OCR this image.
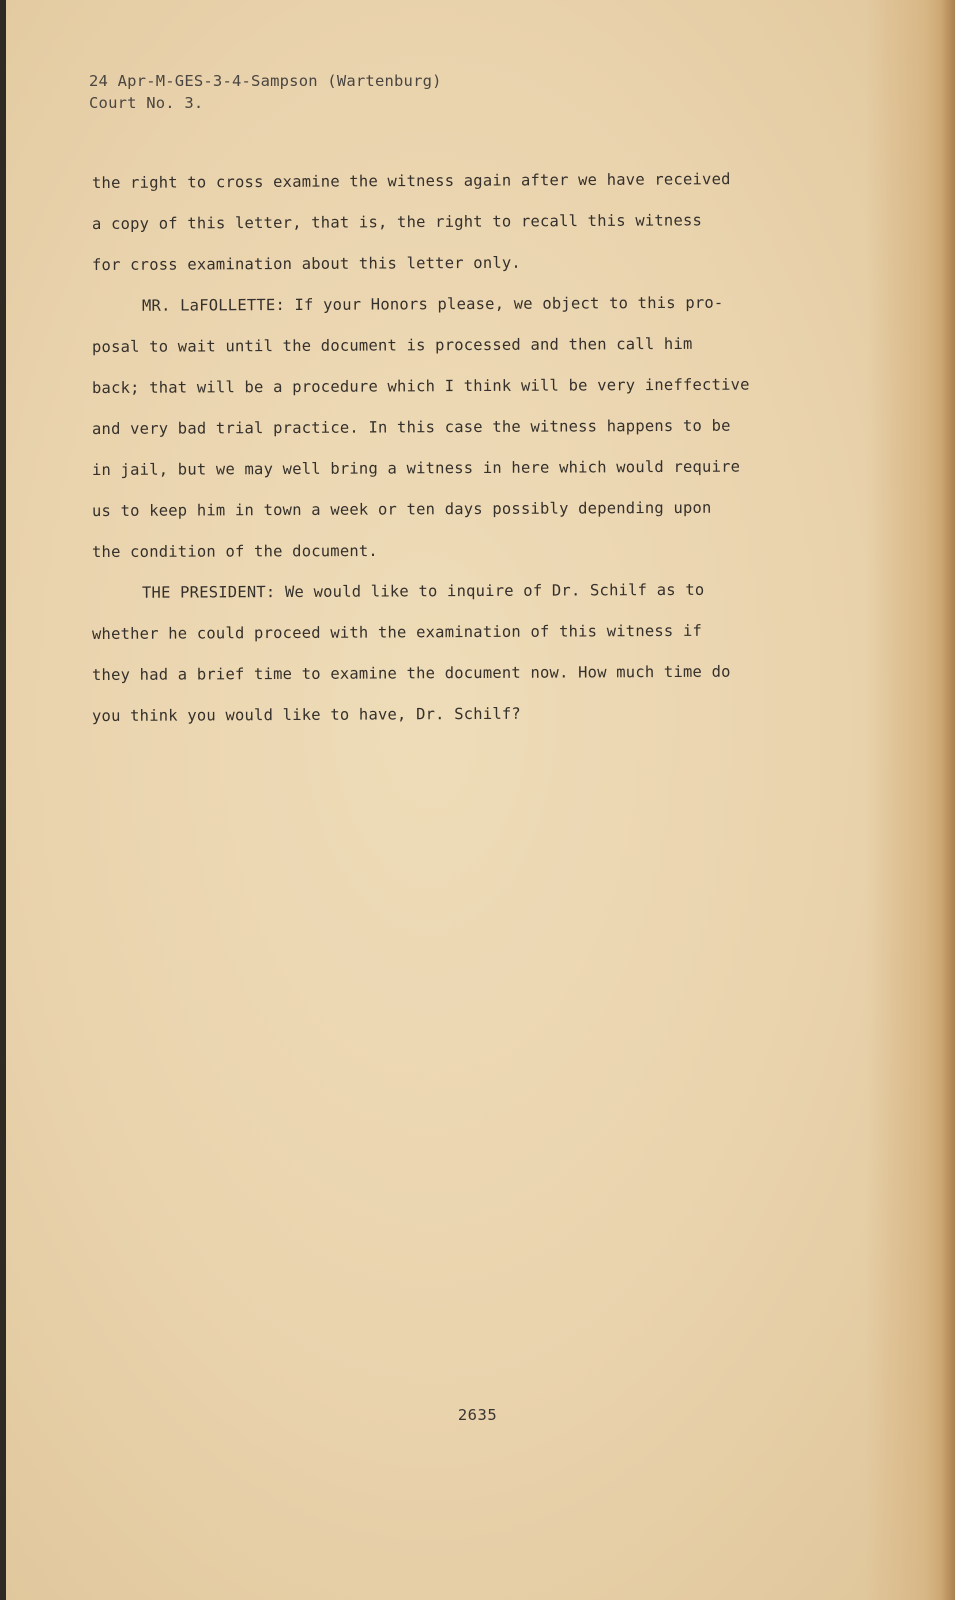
24 Apr-M-GES-3-4-Sampson (Wartenburg)
Court No. 3.
the right to cross examine the witness again after we have received
a copy of this letter, that is, the right to recall this witness
for cross examination about this letter only.
MR. LaFOLLETTE: If your Honors please, we object to this pro-
posal to wait until the document is processed and then call him
back; that will be a procedure which I think will be very ineffective
and very bad trial practice. In this case the witness happens to be
in jail, but we may well bring a witness in here which would require
us to keep him in town a week or ten days possibly depending upon
the condition of the document.
THE PRESIDENT: We would like to inquire of Dr. Schilf as to
whether he could proceed with the examination of this witness if
they had a brief time to examine the document now. How much time do
you think you would like to have, Dr. Schilf?
2635
